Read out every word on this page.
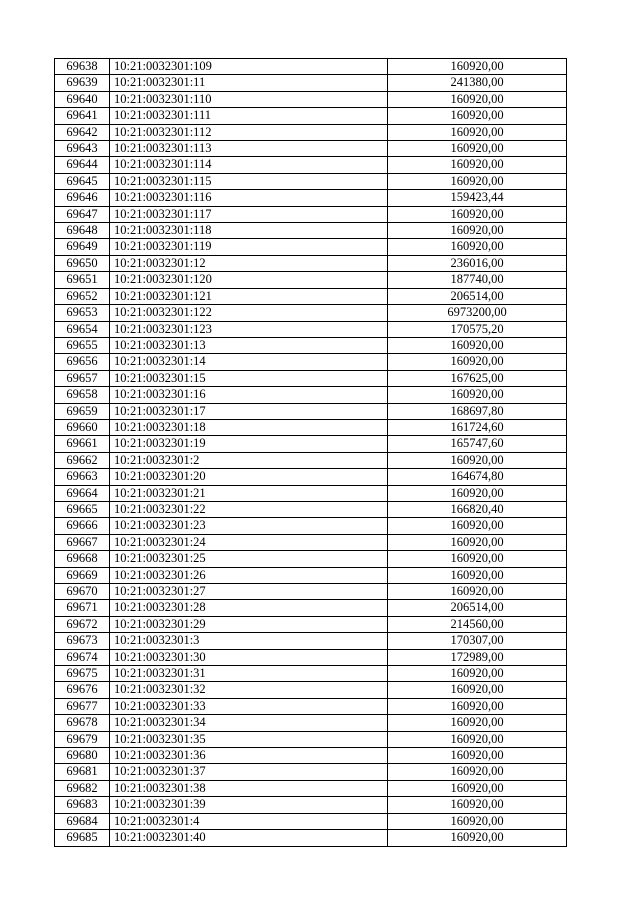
69638	10:21:0032301:109	160920,00
69639	10:21:0032301:11	241380,00
69640	10:21:0032301:110	160920,00
69641	10:21:0032301:111	160920,00
69642	10:21:0032301:112	160920,00
69643	10:21:0032301:113	160920,00
69644	10:21:0032301:114	160920,00
69645	10:21:0032301:115	160920,00
69646	10:21:0032301:116	159423,44
69647	10:21:0032301:117	160920,00
69648	10:21:0032301:118	160920,00
69649	10:21:0032301:119	160920,00
69650	10:21:0032301:12	236016,00
69651	10:21:0032301:120	187740,00
69652	10:21:0032301:121	206514,00
69653	10:21:0032301:122	6973200,00
69654	10:21:0032301:123	170575,20
69655	10:21:0032301:13	160920,00
69656	10:21:0032301:14	160920,00
69657	10:21:0032301:15	167625,00
69658	10:21:0032301:16	160920,00
69659	10:21:0032301:17	168697,80
69660	10:21:0032301:18	161724,60
69661	10:21:0032301:19	165747,60
69662	10:21:0032301:2	160920,00
69663	10:21:0032301:20	164674,80
69664	10:21:0032301:21	160920,00
69665	10:21:0032301:22	166820,40
69666	10:21:0032301:23	160920,00
69667	10:21:0032301:24	160920,00
69668	10:21:0032301:25	160920,00
69669	10:21:0032301:26	160920,00
69670	10:21:0032301:27	160920,00
69671	10:21:0032301:28	206514,00
69672	10:21:0032301:29	214560,00
69673	10:21:0032301:3	170307,00
69674	10:21:0032301:30	172989,00
69675	10:21:0032301:31	160920,00
69676	10:21:0032301:32	160920,00
69677	10:21:0032301:33	160920,00
69678	10:21:0032301:34	160920,00
69679	10:21:0032301:35	160920,00
69680	10:21:0032301:36	160920,00
69681	10:21:0032301:37	160920,00
69682	10:21:0032301:38	160920,00
69683	10:21:0032301:39	160920,00
69684	10:21:0032301:4	160920,00
69685	10:21:0032301:40	160920,00
